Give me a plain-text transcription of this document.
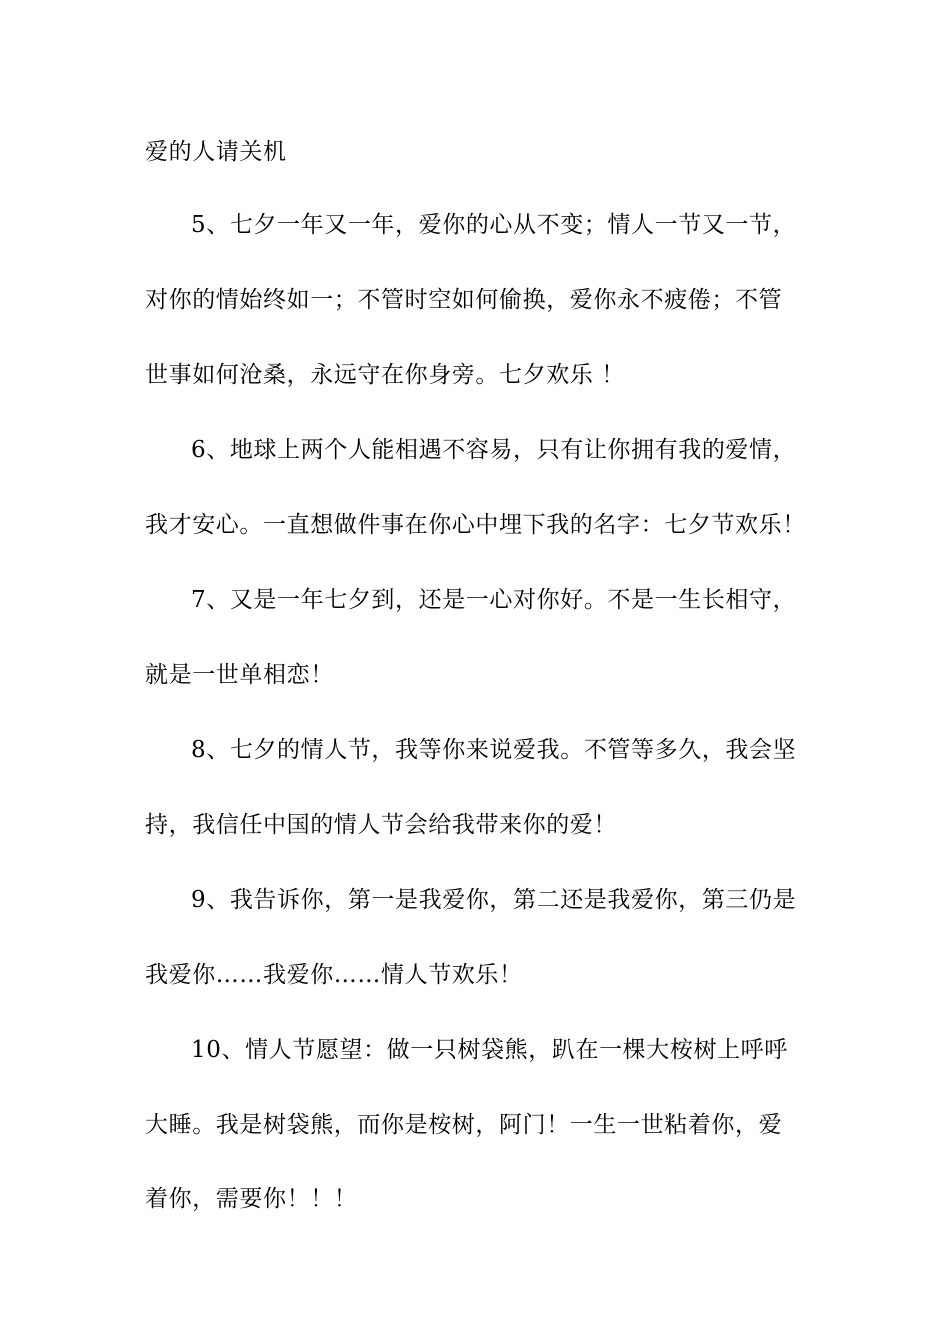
爱的人请关机
5、七夕一年又一年，爱你的心从不变；情人一节又一节，
对你的情始终如一；不管时空如何偷换，爱你永不疲倦；不管
世事如何沧桑，永远守在你身旁。七夕欢乐 ！
6、地球上两个人能相遇不容易，只有让你拥有我的爱情，
我才安心。一直想做件事在你心中埋下我的名字：七夕节欢乐！
7、又是一年七夕到，还是一心对你好。不是一生长相守，
就是一世单相恋！
8、七夕的情人节，我等你来说爱我。不管等多久，我会坚
持，我信任中国的情人节会给我带来你的爱！
9、我告诉你，第一是我爱你，第二还是我爱你，第三仍是
我爱你……我爱你……情人节欢乐！
10、情人节愿望：做一只树袋熊，趴在一棵大桉树上呼呼
大睡。我是树袋熊，而你是桉树，阿门！一生一世粘着你，爱
着你，需要你！！！
